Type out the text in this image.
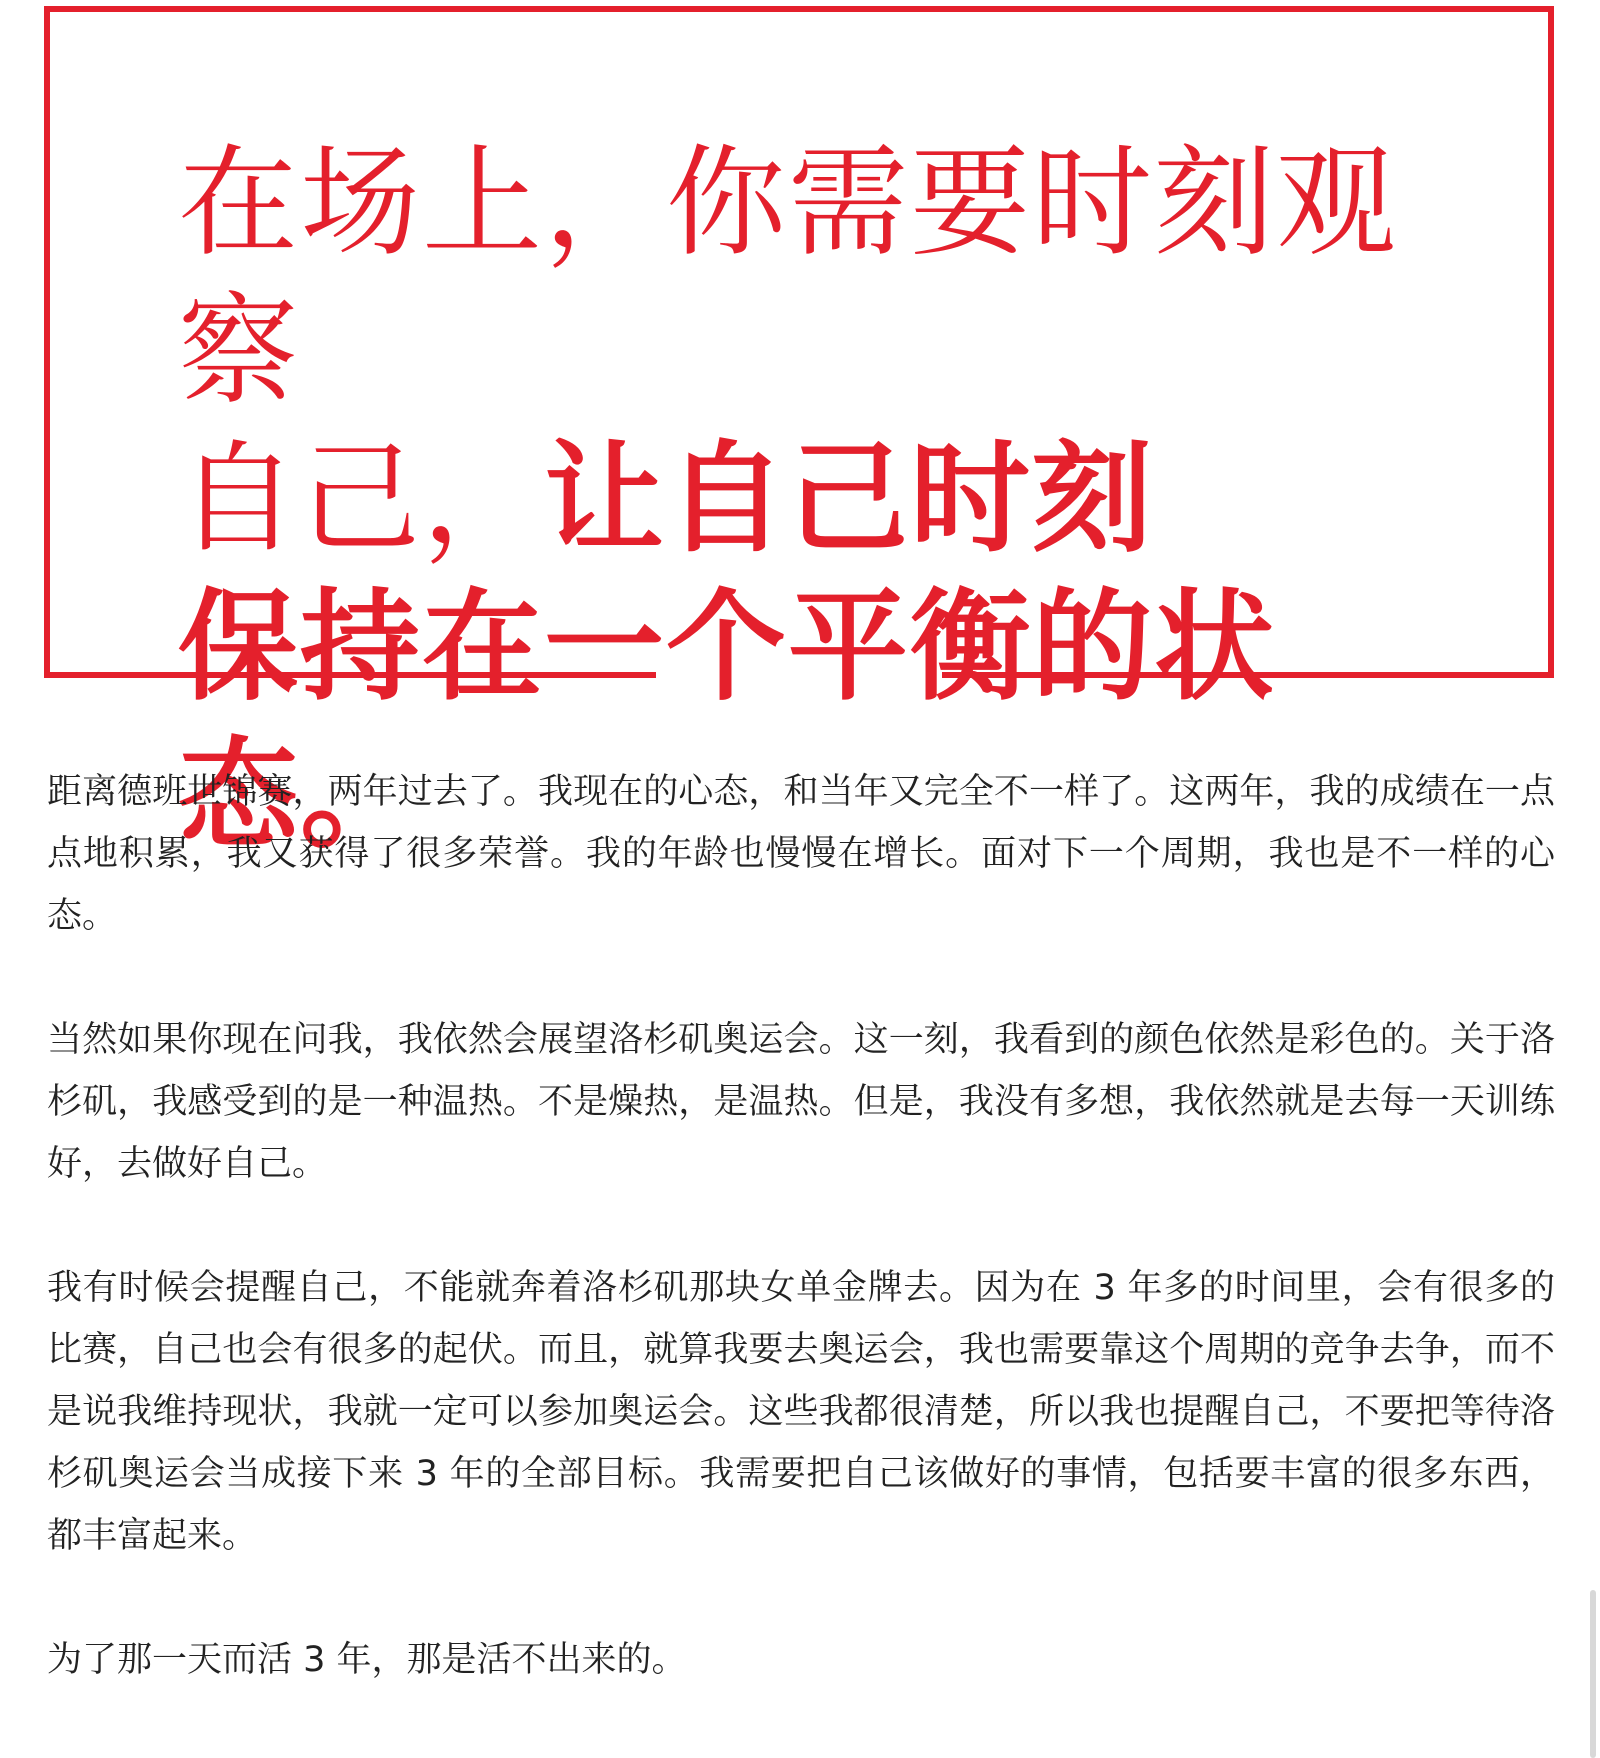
在场上，你需要时刻观察
自己，让自己时刻
保持在一个平衡的状态。

距离德班世锦赛，两年过去了。我现在的心态，和当年又完全不一样了。这两年，我的成绩在一点点地积累，我又获得了很多荣誉。我的年龄也慢慢在增长。面对下一个周期，我也是不一样的心态。

当然如果你现在问我，我依然会展望洛杉矶奥运会。这一刻，我看到的颜色依然是彩色的。关于洛杉矶，我感受到的是一种温热。不是燥热，是温热。但是，我没有多想，我依然就是去每一天训练好，去做好自己。

我有时候会提醒自己，不能就奔着洛杉矶那块女单金牌去。因为在 3 年多的时间里，会有很多的比赛，自己也会有很多的起伏。而且，就算我要去奥运会，我也需要靠这个周期的竞争去争，而不是说我维持现状，我就一定可以参加奥运会。这些我都很清楚，所以我也提醒自己，不要把等待洛杉矶奥运会当成接下来 3 年的全部目标。我需要把自己该做好的事情，包括要丰富的很多东西，都丰富起来。

为了那一天而活 3 年，那是活不出来的。
